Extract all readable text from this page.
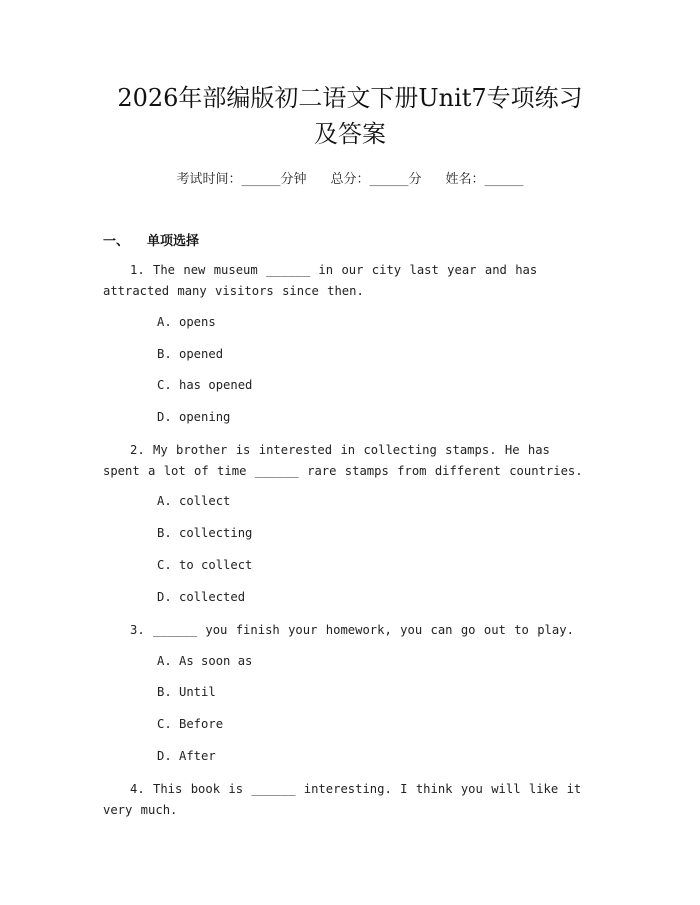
2026年部编版初二语文下册Unit7专项练习
及答案
考试时间：______分钟 总分：______分 姓名：______
一、 单项选择
1. The new museum ______ in our city last year and has attracted many visitors since then.
A. opens
B. opened
C. has opened
D. opening
2. My brother is interested in collecting stamps. He has spent a lot of time ______ rare stamps from different countries.
A. collect
B. collecting
C. to collect
D. collected
3. ______ you finish your homework, you can go out to play.
A. As soon as
B. Until
C. Before
D. After
4. This book is ______ interesting. I think you will like it very much.
